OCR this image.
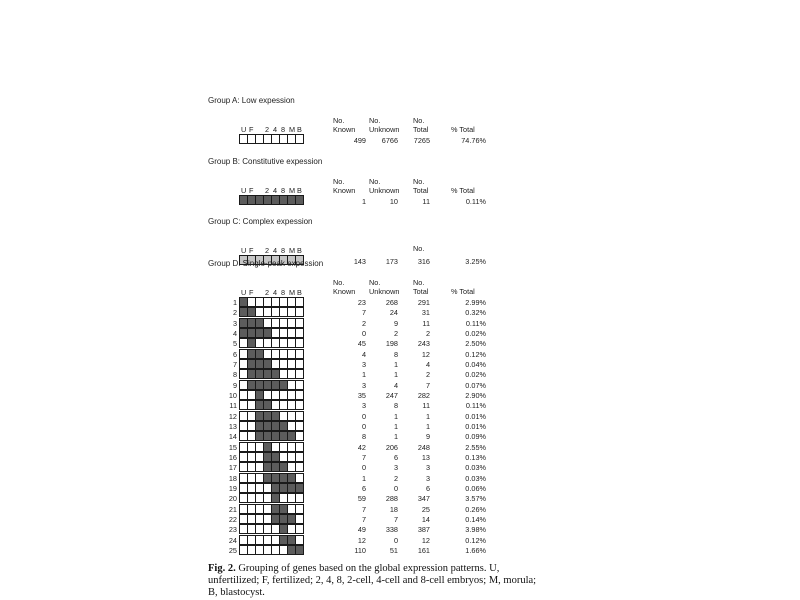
Group A: Low expession
No.
Known
No.
Unknown
No.
Total	% Total
U F 2 4 8 M B
499	6766	7265	74.76%
Group B: Constitutive expession
No.
Known
No.
Unknown
No.
Total	% Total
U F 2 4 8 M B
1	10	11	0.11%
Group C: Complex expession
No.
U F 2 4 8 M B
143	173	316	3.25%
Group D: Single-peak expession
No.
Known
No.
Unknown
No.
Total	% Total
U F 2 4 8 M B
1	23	268	291	2.99%
2	7	24	31	0.32%
3	2	9	11	0.11%
4	0	2	2	0.02%
5	45	198	243	2.50%
6	4	8	12	0.12%
7	3	1	4	0.04%
8	1	1	2	0.02%
9	3	4	7	0.07%
10	35	247	282	2.90%
11	3	8	11	0.11%
12	0	1	1	0.01%
13	0	1	1	0.01%
14	8	1	9	0.09%
15	42	206	248	2.55%
16	7	6	13	0.13%
17	0	3	3	0.03%
18	1	2	3	0.03%
19	6	0	6	0.06%
20	59	288	347	3.57%
21	7	18	25	0.26%
22	7	7	14	0.14%
23	49	338	387	3.98%
24	12	0	12	0.12%
25	110	51	161	1.66%
Fig. 2. Grouping of genes based on the global expression patterns. U, unfertilized; F, fertilized; 2, 4, 8, 2-cell, 4-cell and 8-cell embryos; M, morula; B, blastocyst.
